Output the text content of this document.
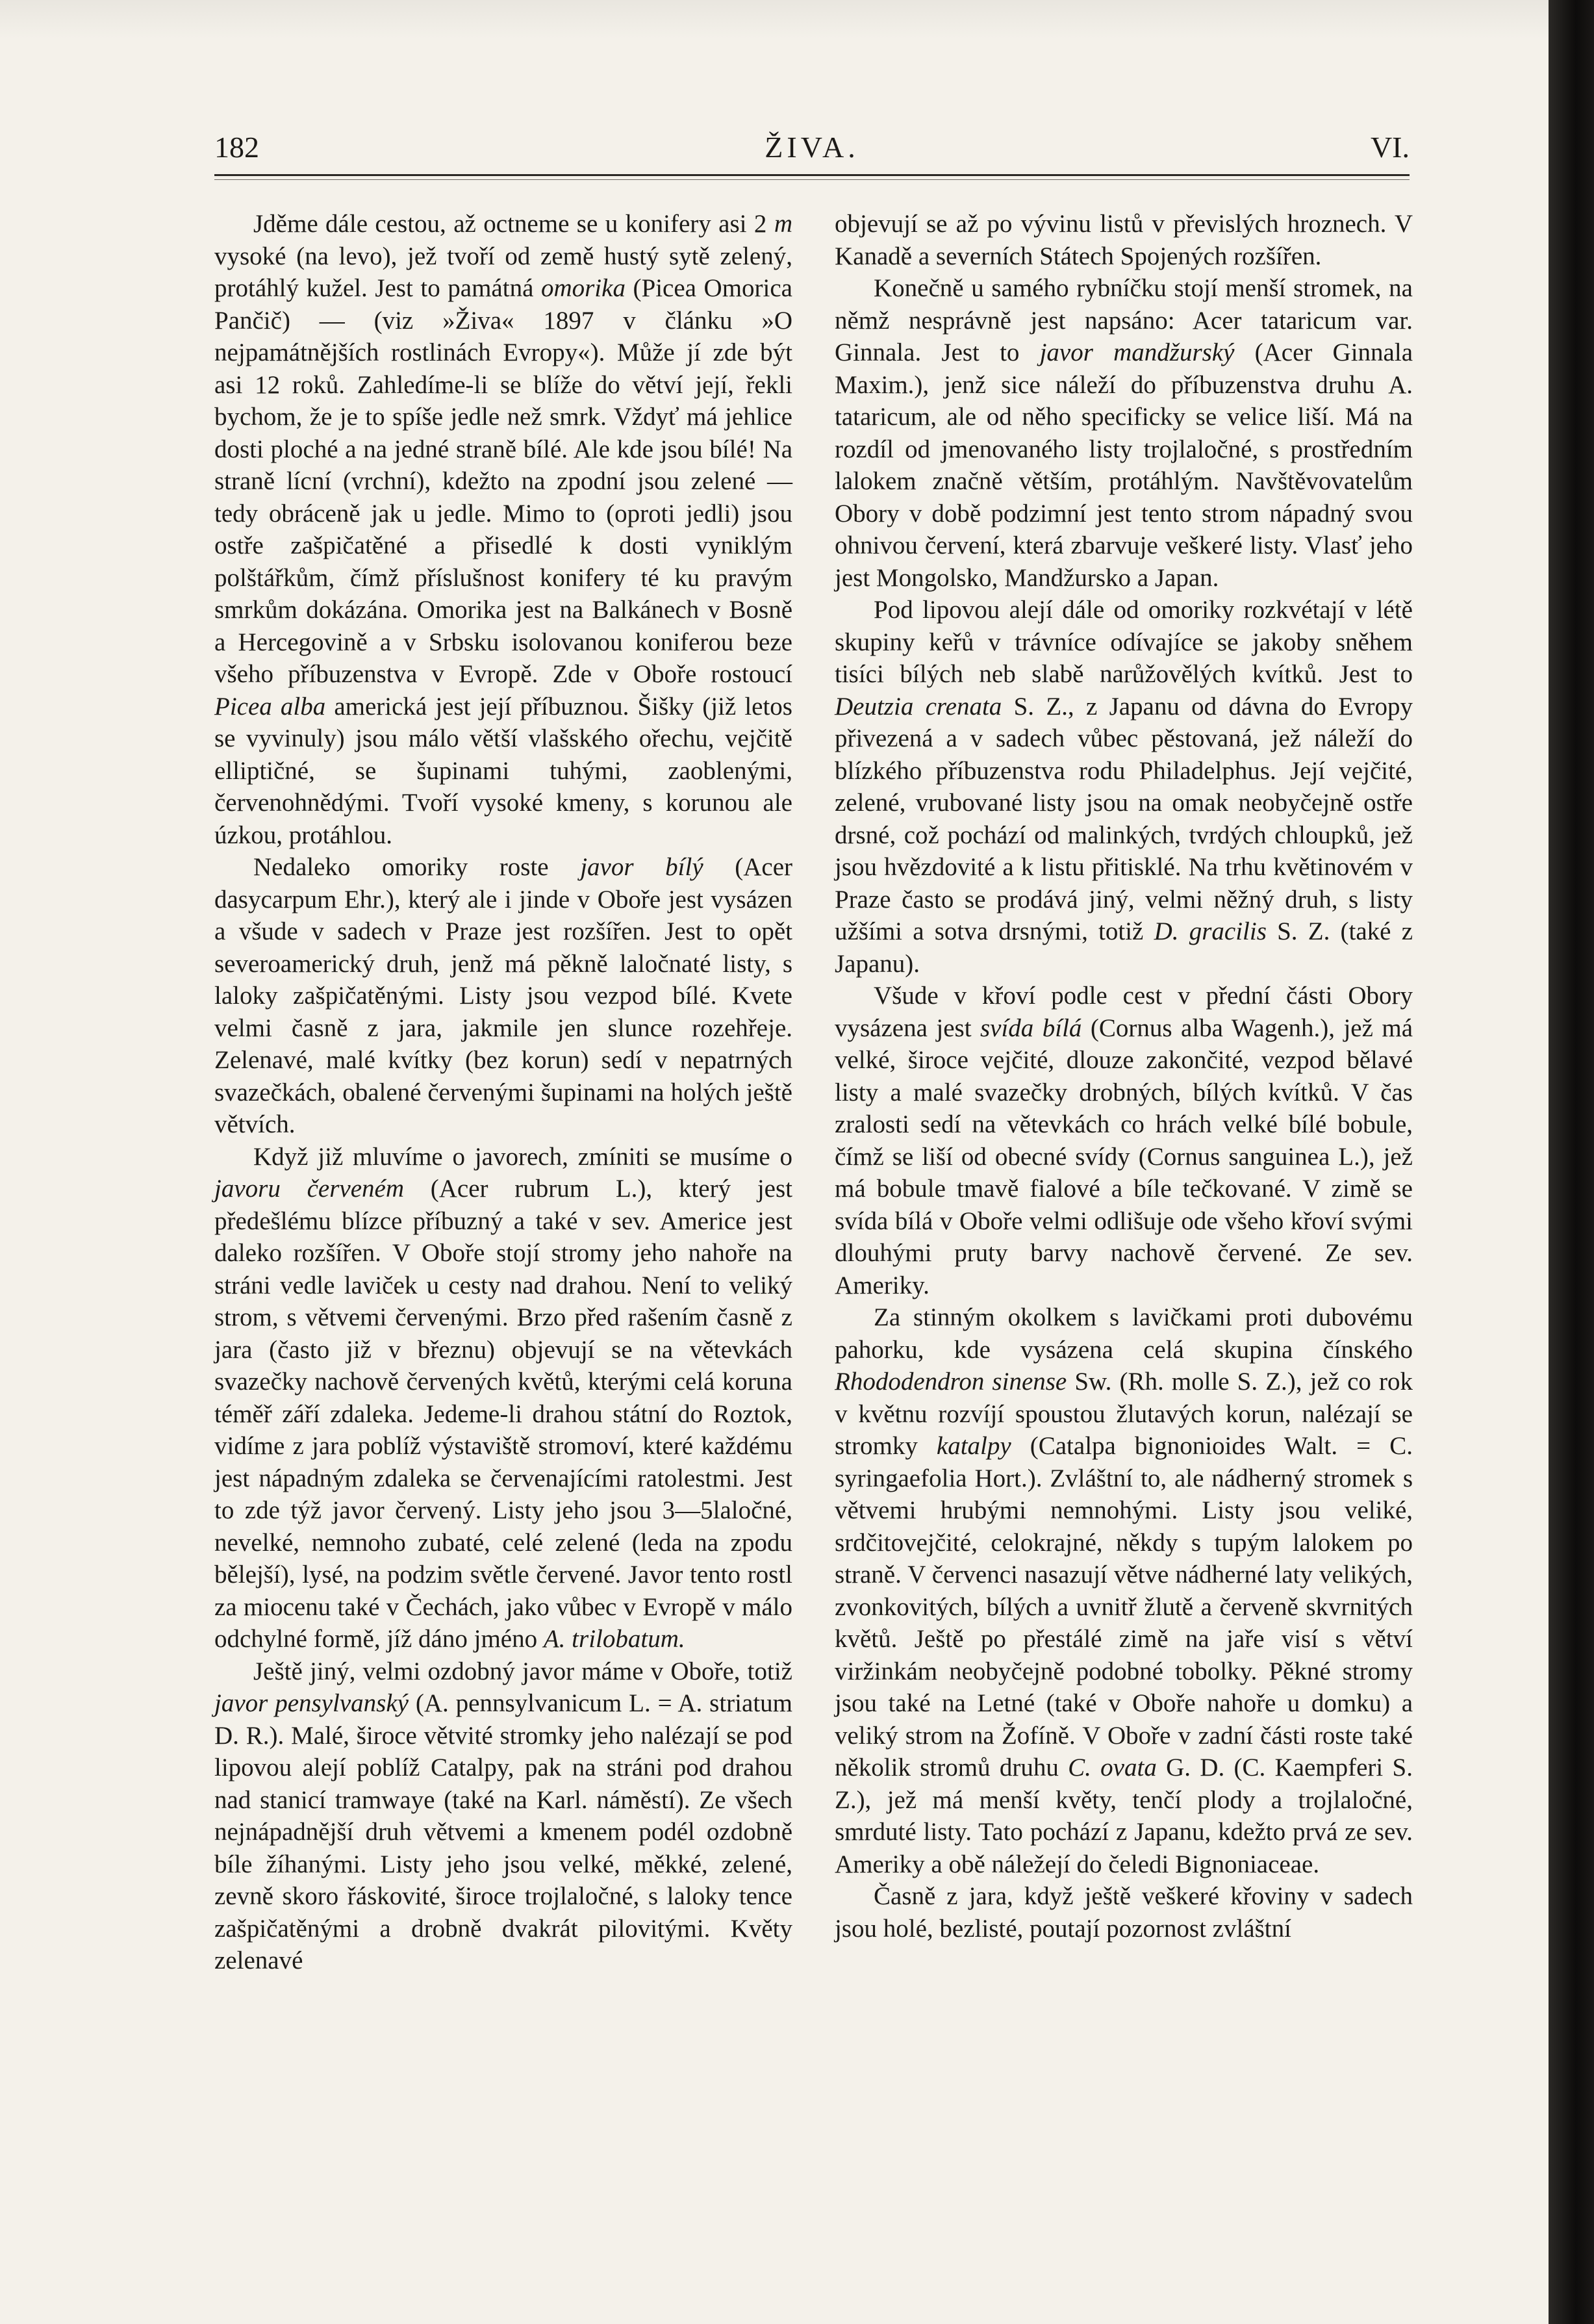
182	ŽIVA.	VI.

Jděme dále cestou, až octneme se u konifery asi 2 m vysoké (na levo), jež tvoří od země hustý sytě zelený, protáhlý kužel. Jest to památná omorika (Picea Omorica Pančič) — (viz »Živa« 1897 v článku »O nejpamátnějších rostlinách Evropy«). Může jí zde být asi 12 roků. Zahledíme-li se blíže do větví její, řekli bychom, že je to spíše jedle než smrk. Vždyť má jehlice dosti ploché a na jedné straně bílé. Ale kde jsou bílé! Na straně lícní (vrchní), kdežto na zpodní jsou zelené — tedy obráceně jak u jedle. Mimo to (oproti jedli) jsou ostře zašpičatěné a přisedlé k dosti vyniklým polštářkům, čímž příslušnost konifery té ku pravým smrkům dokázána. Omorika jest na Balkánech v Bosně a Hercegovině a v Srbsku isolovanou koniferou beze všeho příbuzenstva v Evropě. Zde v Oboře rostoucí Picea alba americká jest její příbuznou. Šišky (již letos se vyvinuly) jsou málo větší vlašského ořechu, vejčitě elliptičné, se šupinami tuhými, zaoblenými, červenohnědými. Tvoří vysoké kmeny, s korunou ale úzkou, protáhlou.

Nedaleko omoriky roste javor bílý (Acer dasycarpum Ehr.), který ale i jinde v Oboře jest vysázen a všude v sadech v Praze jest rozšířen. Jest to opět severoamerický druh, jenž má pěkně laločnaté listy, s laloky zašpičatěnými. Listy jsou vezpod bílé. Kvete velmi časně z jara, jakmile jen slunce rozehřeje. Zelenavé, malé kvítky (bez korun) sedí v nepatrných svazečkách, obalené červenými šupinami na holých ještě větvích.

Když již mluvíme o javorech, zmíniti se musíme o javoru červeném (Acer rubrum L.), který jest předešlému blízce příbuzný a také v sev. Americe jest daleko rozšířen. V Oboře stojí stromy jeho nahoře na stráni vedle laviček u cesty nad drahou. Není to veliký strom, s větvemi červenými. Brzo před rašením časně z jara (často již v březnu) objevují se na větevkách svazečky nachově červených květů, kterými celá koruna téměř září zdaleka. Jedeme-li drahou státní do Roztok, vidíme z jara poblíž výstaviště stromoví, které každému jest nápadným zdaleka se červenajícími ratolestmi. Jest to zde týž javor červený. Listy jeho jsou 3—5laločné, nevelké, nemnoho zubaté, celé zelené (leda na zpodu bělejší), lysé, na podzim světle červené. Javor tento rostl za miocenu také v Čechách, jako vůbec v Evropě v málo odchylné formě, jíž dáno jméno A. trilobatum.

Ještě jiný, velmi ozdobný javor máme v Oboře, totiž javor pensylvanský (A. pennsylvanicum L. = A. striatum D. R.). Malé, široce větvité stromky jeho nalézají se pod lipovou alejí poblíž Catalpy, pak na stráni pod drahou nad stanicí tramwaye (také na Karl. náměstí). Ze všech nejnápadnější druh větvemi a kmenem podél ozdobně bíle žíhanými. Listy jeho jsou velké, měkké, zelené, zevně skoro řáskovité, široce trojlaločné, s laloky tence zašpičatěnými a drobně dvakrát pilovitými. Květy zelenavé

objevují se až po vývinu listů v převislých hroznech. V Kanadě a severních Státech Spojených rozšířen.

Konečně u samého rybníčku stojí menší stromek, na němž nesprávně jest napsáno: Acer tataricum var. Ginnala. Jest to javor mandžurský (Acer Ginnala Maxim.), jenž sice náleží do příbuzenstva druhu A. tataricum, ale od něho specificky se velice liší. Má na rozdíl od jmenovaného listy trojlaločné, s prostředním lalokem značně větším, protáhlým. Navštěvovatelům Obory v době podzimní jest tento strom nápadný svou ohnivou červení, která zbarvuje veškeré listy. Vlasť jeho jest Mongolsko, Mandžursko a Japan.

Pod lipovou alejí dále od omoriky rozkvétají v létě skupiny keřů v trávníce odívajíce se jakoby sněhem tisíci bílých neb slabě narůžovělých kvítků. Jest to Deutzia crenata S. Z., z Japanu od dávna do Evropy přivezená a v sadech vůbec pěstovaná, jež náleží do blízkého příbuzenstva rodu Philadelphus. Její vejčité, zelené, vrubované listy jsou na omak neobyčejně ostře drsné, což pochází od malinkých, tvrdých chloupků, jež jsou hvězdovité a k listu přitisklé. Na trhu květinovém v Praze často se prodává jiný, velmi něžný druh, s listy užšími a sotva drsnými, totiž D. gracilis S. Z. (také z Japanu).

Všude v křoví podle cest v přední části Obory vysázena jest svída bílá (Cornus alba Wagenh.), jež má velké, široce vejčité, dlouze zakončité, vezpod bělavé listy a malé svazečky drobných, bílých kvítků. V čas zralosti sedí na větevkách co hrách velké bílé bobule, čímž se liší od obecné svídy (Cornus sanguinea L.), jež má bobule tmavě fialové a bíle tečkované. V zimě se svída bílá v Oboře velmi odlišuje ode všeho křoví svými dlouhými pruty barvy nachově červené. Ze sev. Ameriky.

Za stinným okolkem s lavičkami proti dubovému pahorku, kde vysázena celá skupina čínského Rhododendron sinense Sw. (Rh. molle S. Z.), jež co rok v květnu rozvíjí spoustou žlutavých korun, nalézají se stromky katalpy (Catalpa bignonioides Walt. = C. syringaefolia Hort.). Zvláštní to, ale nádherný stromek s větvemi hrubými nemnohými. Listy jsou veliké, srdčitovejčité, celokrajné, někdy s tupým lalokem po straně. V červenci nasazují větve nádherné laty velikých, zvonkovitých, bílých a uvnitř žlutě a červeně skvrnitých květů. Ještě po přestálé zimě na jaře visí s větví viržinkám neobyčejně podobné tobolky. Pěkné stromy jsou také na Letné (také v Oboře nahoře u domku) a veliký strom na Žofíně. V Oboře v zadní části roste také několik stromů druhu C. ovata G. D. (C. Kaempferi S. Z.), jež má menší květy, tenčí plody a trojlaločné, smrduté listy. Tato pochází z Japanu, kdežto prvá ze sev. Ameriky a obě náležejí do čeledi Bignoniaceae.

Časně z jara, když ještě veškeré křoviny v sadech jsou holé, bezlisté, poutají pozornost zvláštní
